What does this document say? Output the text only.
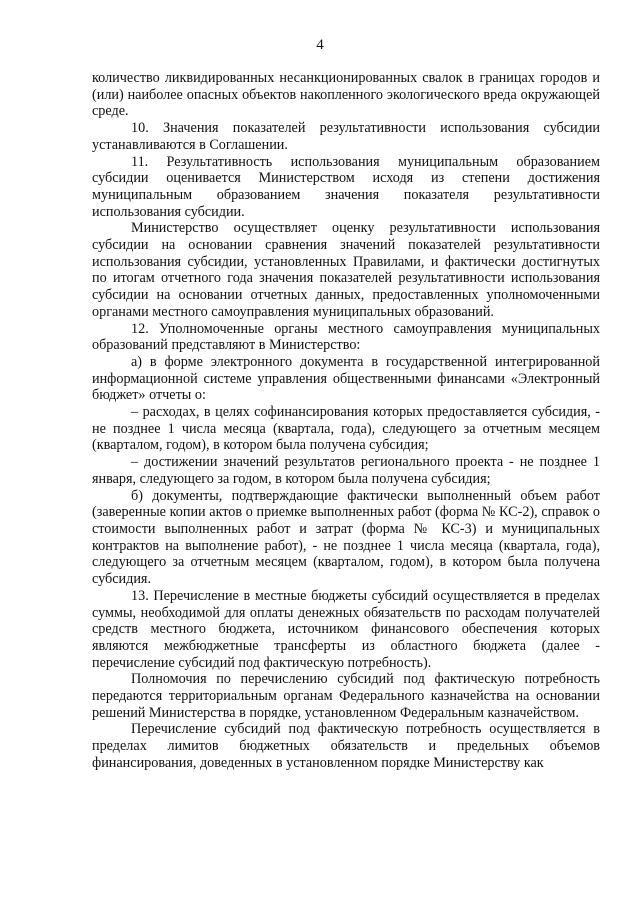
4

количество ликвидированных несанкционированных свалок в границах городов и (или) наиболее опасных объектов накопленного экологического вреда окружающей среде.

10. Значения показателей результативности использования субсидии устанавливаются в Соглашении.

11. Результативность использования муниципальным образованием субсидии оценивается Министерством исходя из степени достижения муниципальным образованием значения показателя результативности использования субсидии.

Министерство осуществляет оценку результативности использования субсидии на основании сравнения значений показателей результативности использования субсидии, установленных Правилами, и фактически достигнутых по итогам отчетного года значения показателей результативности использования субсидии на основании отчетных данных, предоставленных уполномоченными органами местного самоуправления муниципальных образований.

12. Уполномоченные органы местного самоуправления муниципальных образований представляют в Министерство:

а) в форме электронного документа в государственной интегрированной информационной системе управления общественными финансами «Электронный бюджет» отчеты о:

– расходах, в целях софинансирования которых предоставляется субсидия, - не позднее 1 числа месяца (квартала, года), следующего за отчетным месяцем (кварталом, годом), в котором была получена субсидия;

– достижении значений результатов регионального проекта - не позднее 1 января, следующего за годом, в котором была получена субсидия;

б) документы, подтверждающие фактически выполненный объем работ (заверенные копии актов о приемке выполненных работ (форма № КС-2), справок о стоимости выполненных работ и затрат (форма № КС-3) и муниципальных контрактов на выполнение работ), - не позднее 1 числа месяца (квартала, года), следующего за отчетным месяцем (кварталом, годом), в котором была получена субсидия.

13. Перечисление в местные бюджеты субсидий осуществляется в пределах суммы, необходимой для оплаты денежных обязательств по расходам получателей средств местного бюджета, источником финансового обеспечения которых являются межбюджетные трансферты из областного бюджета (далее - перечисление субсидий под фактическую потребность).

Полномочия по перечислению субсидий под фактическую потребность передаются территориальным органам Федерального казначейства на основании решений Министерства в порядке, установленном Федеральным казначейством.

Перечисление субсидий под фактическую потребность осуществляется в пределах лимитов бюджетных обязательств и предельных объемов финансирования, доведенных в установленном порядке Министерству как
